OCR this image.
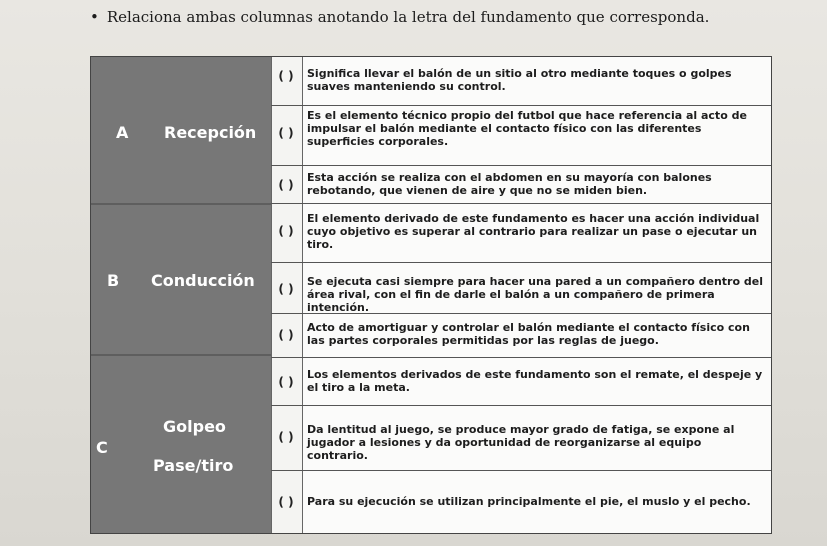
• Relaciona ambas columnas anotando la letra del fundamento que corresponda.
A Recepción
B Conducción
C
Golpeo
Pase/tiro
( )	Significa llevar el balón de un sitio al otro mediante toques o golpes suaves manteniendo su control.
( )
Es el elemento técnico propio del futbol que hace referencia al acto de impulsar el balón mediante el contacto físico con las diferentes superficies corporales.
( )
Esta acción se realiza con el abdomen en su mayoría con balones rebotando, que vienen de aire y que no se miden bien.
( )
El elemento derivado de este fundamento es hacer una acción individual cuyo objetivo es superar al contrario para realizar un pase o ejecutar un tiro.
( )
Se ejecuta casi siempre para hacer una pared a un compañero dentro del área rival, con el fin de darle el balón a un compañero de primera intención.
( )
Acto de amortiguar y controlar el balón mediante el contacto físico con las partes corporales permitidas por las reglas de juego.
( )
Los elementos derivados de este fundamento son el remate, el despeje y el tiro a la meta.
( )
Da lentitud al juego, se produce mayor grado de fatiga, se expone al jugador a lesiones y da oportunidad de reorganizarse al equipo contrario.
( )	Para su ejecución se utilizan principalmente el pie, el muslo y el pecho.
